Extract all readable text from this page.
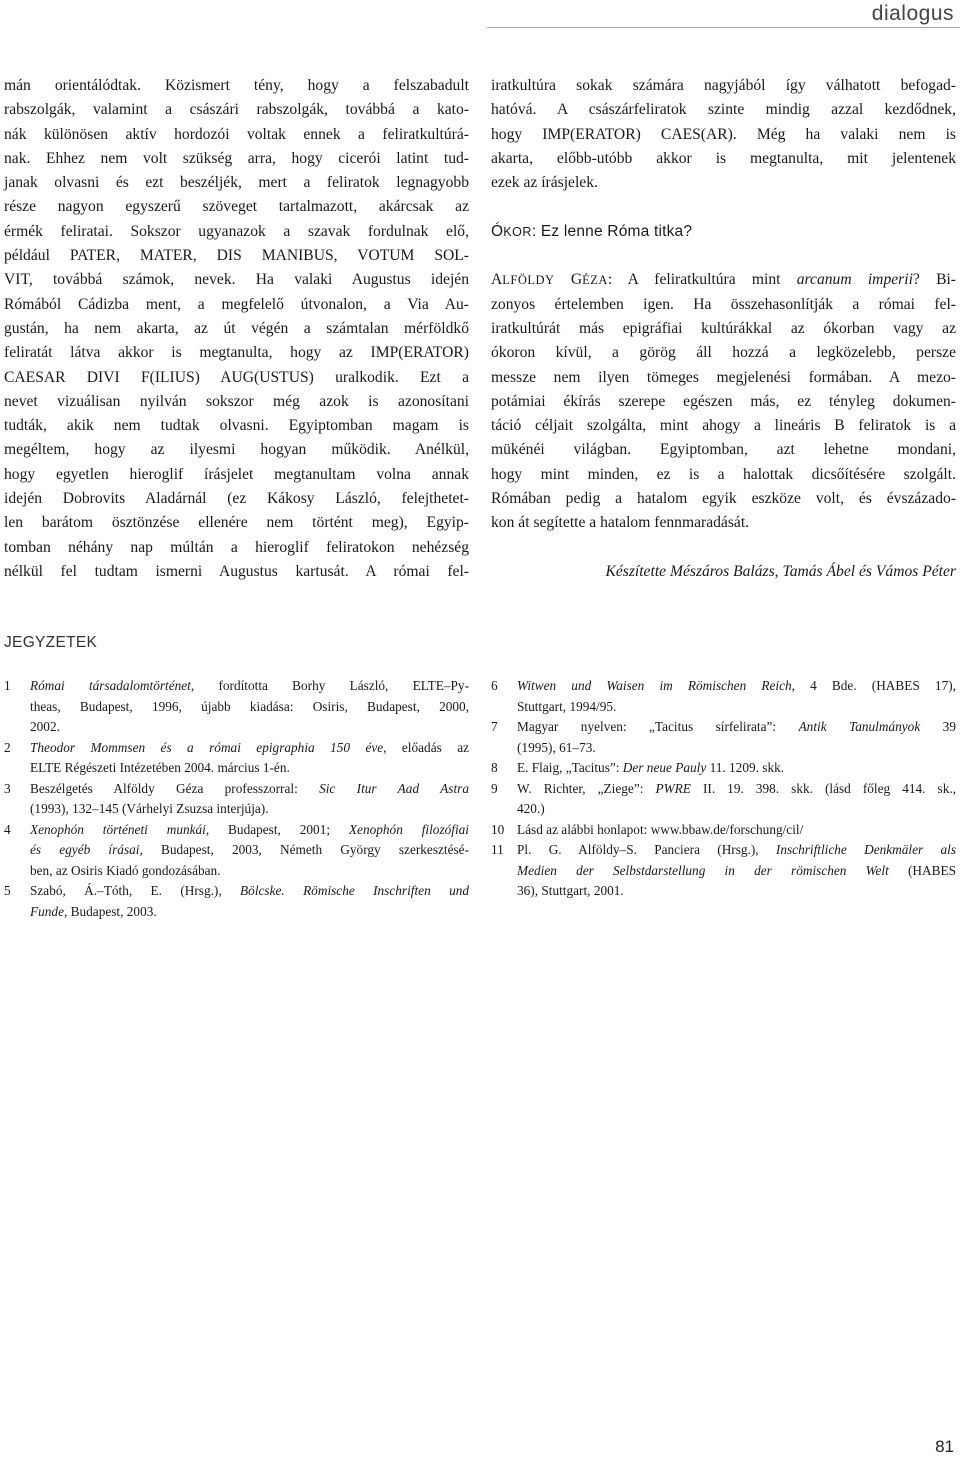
dialogus
mán orientálódtak. Közismert tény, hogy a felszabadult
rabszolgák, valamint a császári rabszolgák, továbbá a kato-
nák különösen aktív hordozói voltak ennek a feliratkultúrá-
nak. Ehhez nem volt szükség arra, hogy cicerói latint tud-
janak olvasni és ezt beszéljék, mert a feliratok legnagyobb
része nagyon egyszerű szöveget tartalmazott, akárcsak az
érmék feliratai. Sokszor ugyanazok a szavak fordulnak elő,
például PATER, MATER, DIS MANIBUS, VOTUM SOL-
VIT, továbbá számok, nevek. Ha valaki Augustus idején
Rómából Cádizba ment, a megfelelő útvonalon, a Via Au-
gustán, ha nem akarta, az út végén a számtalan mérföldkő
feliratát látva akkor is megtanulta, hogy az IMP(ERATOR)
CAESAR DIVI F(ILIUS) AUG(USTUS) uralkodik. Ezt a
nevet vizuálisan nyilván sokszor még azok is azonosítani
tudták, akik nem tudtak olvasni. Egyiptomban magam is
megéltem, hogy az ilyesmi hogyan működik. Anélkül,
hogy egyetlen hieroglif írásjelet megtanultam volna annak
idején Dobrovits Aladárnál (ez Kákosy László, felejthetet-
len barátom ösztönzése ellenére nem történt meg), Egyip-
tomban néhány nap múltán a hieroglif feliratokon nehézség
nélkül fel tudtam ismerni Augustus kartusát. A római fel-
iratkultúra sokak számára nagyjából így válhatott befogad-
hatóvá. A császárfeliratok szinte mindig azzal kezdődnek,
hogy IMP(ERATOR) CAES(AR). Még ha valaki nem is
akarta, előbb-utóbb akkor is megtanulta, mit jelentenek
ezek az írásjelek.
ÓKOR: Ez lenne Róma titka?
ALFÖLDY GÉZA: A feliratkultúra mint arcanum imperii? Bi-
zonyos értelemben igen. Ha összehasonlítják a római fel-
iratkultúrát más epigráfiai kultúrákkal az ókorban vagy az
ókoron kívül, a görög áll hozzá a legközelebb, persze
messze nem ilyen tömeges megjelenési formában. A mezo-
potámiai ékírás szerepe egészen más, ez tényleg dokumen-
táció céljait szolgálta, mint ahogy a lineáris B feliratok is a
mükénéi világban. Egyiptomban, azt lehetne mondani,
hogy mint minden, ez is a halottak dicsőítésére szolgált.
Rómában pedig a hatalom egyik eszköze volt, és évszázado-
kon át segítette a hatalom fennmaradását.
Készítette Mészáros Balázs, Tamás Ábel és Vámos Péter
JEGYZETEK
1	Római társadalomtörténet, fordította Borhy László, ELTE–Py-
theas, Budapest, 1996, újabb kiadása: Osiris, Budapest, 2000,
2002.
2	Theodor Mommsen és a római epigraphia 150 éve, előadás az
ELTE Régészeti Intézetében 2004. március 1-én.
3	Beszélgetés Alföldy Géza professzorral: Sic Itur Aad Astra
(1993), 132–145 (Várhelyi Zsuzsa interjúja).
4	Xenophón történeti munkái, Budapest, 2001; Xenophón filozófiai
és egyéb írásai, Budapest, 2003, Németh György szerkesztésé-
ben, az Osiris Kiadó gondozásában.
5	Szabó, Á.–Tóth, E. (Hrsg.), Bölcske. Römische Inschriften und
Funde, Budapest, 2003.
6	Witwen und Waisen im Römischen Reich, 4 Bde. (HABES 17),
Stuttgart, 1994/95.
7	Magyar nyelven: „Tacitus sírfelirata”: Antik Tanulmányok 39
(1995), 61–73.
8	E. Flaig, „Tacitus”: Der neue Pauly 11. 1209. skk.
9	W. Richter, „Ziege”: PWRE II. 19. 398. skk. (lásd főleg 414. sk.,
420.)
10 Lásd az alábbi honlapot: www.bbaw.de/forschung/cil/
11 Pl. G. Alföldy–S. Panciera (Hrsg.), Inschriftliche Denkmäler als
Medien der Selbstdarstellung in der römischen Welt (HABES
36), Stuttgart, 2001.
81
